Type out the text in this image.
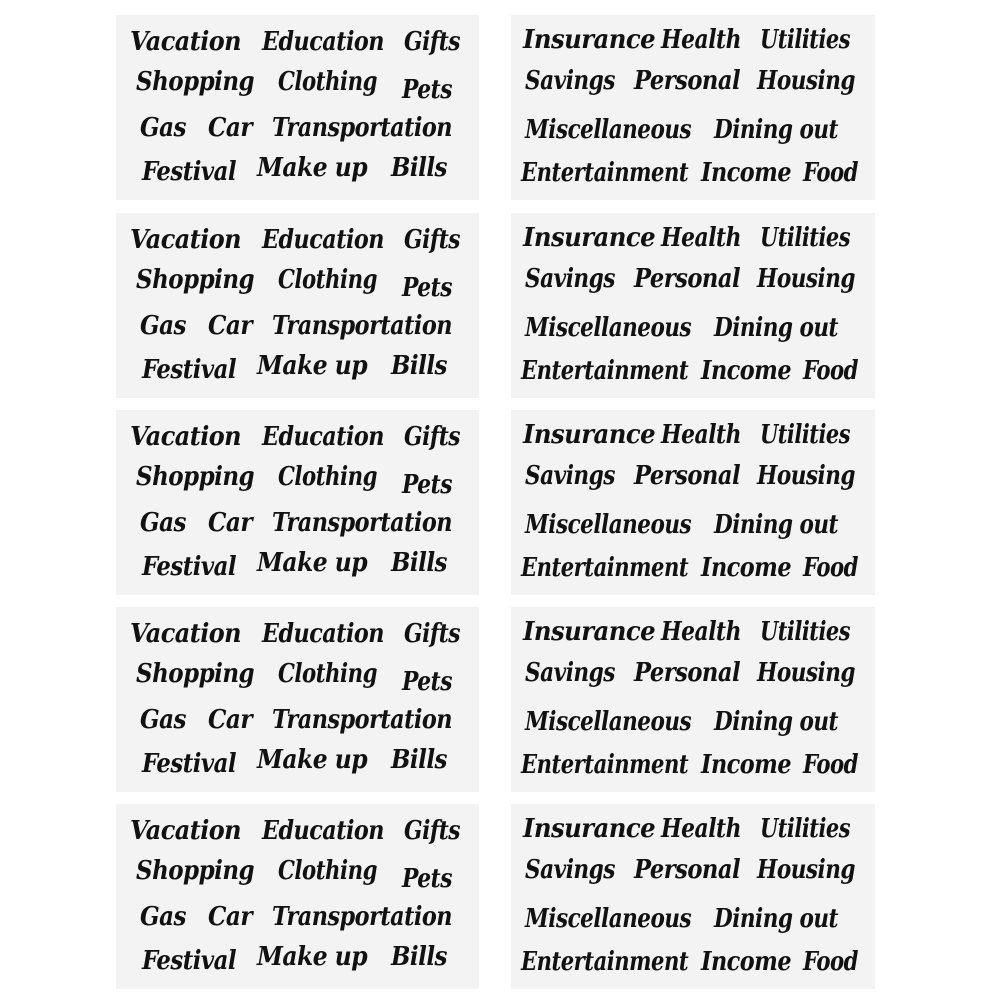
Vacation Education Gifts
Shopping Clothing Pets
Gas Car Transportation
Festival Make up Bills
Insurance Health Utilities
Savings Personal Housing
Miscellaneous Dining out
Entertainment Income Food
Vacation Education Gifts
Shopping Clothing Pets
Gas Car Transportation
Festival Make up Bills
Insurance Health Utilities
Savings Personal Housing
Miscellaneous Dining out
Entertainment Income Food
Vacation Education Gifts
Shopping Clothing Pets
Gas Car Transportation
Festival Make up Bills
Insurance Health Utilities
Savings Personal Housing
Miscellaneous Dining out
Entertainment Income Food
Vacation Education Gifts
Shopping Clothing Pets
Gas Car Transportation
Festival Make up Bills
Insurance Health Utilities
Savings Personal Housing
Miscellaneous Dining out
Entertainment Income Food
Vacation Education Gifts
Shopping Clothing Pets
Gas Car Transportation
Festival Make up Bills
Insurance Health Utilities
Savings Personal Housing
Miscellaneous Dining out
Entertainment Income Food
